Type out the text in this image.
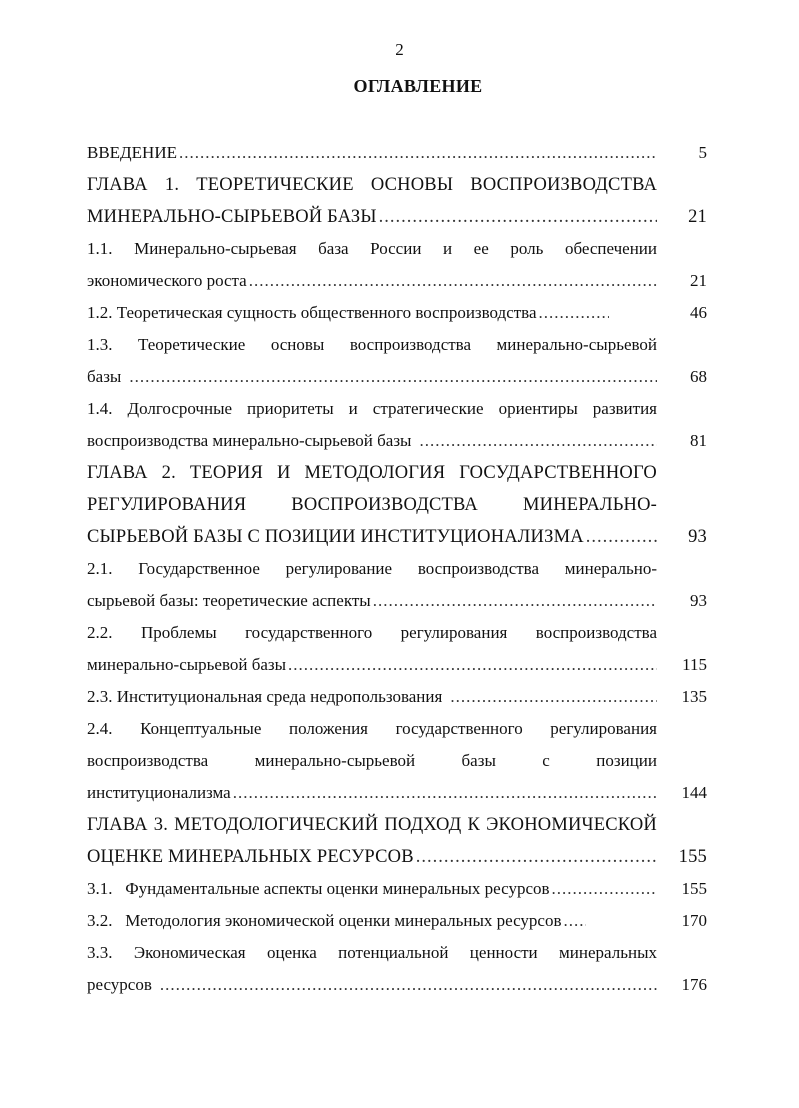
2
ОГЛАВЛЕНИЕ
ВВЕДЕНИЕ .....	5
ГЛАВА 1. ТЕОРЕТИЧЕСКИЕ ОСНОВЫ ВОСПРОИЗВОДСТВА
МИНЕРАЛЬНО-СЫРЬЕВОЙ БАЗЫ .....	21
1.1. Минерально-сырьевая база России и ее роль обеспечении
экономического роста .....	21
1.2. Теоретическая сущность общественного воспроизводства .....	46
1.3. Теоретические основы воспроизводства минерально-сырьевой
базы .....	68
1.4. Долгосрочные приоритеты и стратегические ориентиры развития
воспроизводства минерально-сырьевой базы .....	81
ГЛАВА 2. ТЕОРИЯ И МЕТОДОЛОГИЯ ГОСУДАРСТВЕННОГО
РЕГУЛИРОВАНИЯ ВОСПРОИЗВОДСТВА МИНЕРАЛЬНО-
СЫРЬЕВОЙ БАЗЫ С ПОЗИЦИИ ИНСТИТУЦИОНАЛИЗМА .....	93
2.1. Государственное регулирование воспроизводства минерально-
сырьевой базы: теоретические аспекты .....	93
2.2. Проблемы государственного регулирования воспроизводства
минерально-сырьевой базы .....	115
2.3. Институциональная среда недропользования .....	135
2.4. Концептуальные положения государственного регулирования
воспроизводства минерально-сырьевой базы с позиции
институционализма .....	144
ГЛАВА 3. МЕТОДОЛОГИЧЕСКИЙ ПОДХОД К ЭКОНОМИЧЕСКОЙ
ОЦЕНКЕ МИНЕРАЛЬНЫХ РЕСУРСОВ .....	155
3.1.   Фундаментальные аспекты оценки минеральных ресурсов .....	155
3.2.   Методология экономической оценки минеральных ресурсов .....	170
3.3. Экономическая оценка потенциальной ценности минеральных
ресурсов .....	176
